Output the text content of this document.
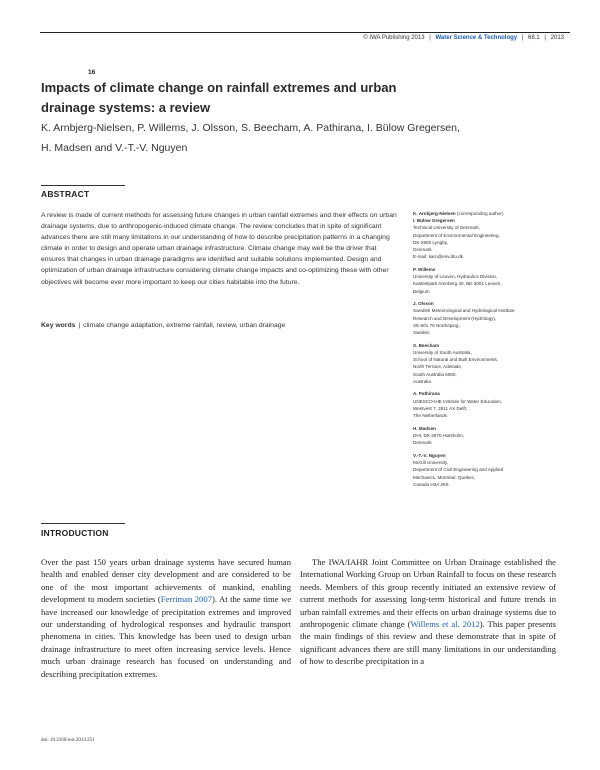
16
© IWA Publishing 2013 | Water Science & Technology | 68.1 | 2013
Impacts of climate change on rainfall extremes and urban drainage systems: a review
K. Arnbjerg-Nielsen, P. Willems, J. Olsson, S. Beecham, A. Pathirana, I. Bülow Gregersen, H. Madsen and V.-T.-V. Nguyen
ABSTRACT
A review is made of current methods for assessing future changes in urban rainfall extremes and their effects on urban drainage systems, due to anthropogenic-induced climate change. The review concludes that in spite of significant advances there are still many limitations in our understanding of how to describe precipitation patterns in a changing climate in order to design and operate urban drainage infrastructure. Climate change may well be the driver that ensures that changes in urban drainage paradigms are identified and suitable solutions implemented. Design and optimization of urban drainage infrastructure considering climate change impacts and co-optimizing these with other objectives will become ever more important to keep our cities habitable into the future.
Key words | climate change adaptation, extreme rainfall, review, urban drainage
K. Arnbjerg-Nielsen (corresponding author)
I. Bülow Gregersen
Technical University of Denmark,
Department of Environmental Engineering,
DK-2800 Lyngby,
Denmark
E-mail: karn@env.dtu.dk
P. Willems
University of Leuven, Hydraulics Division,
Kasteelpark Arenberg 40, BE-3001 Leuven,
Belgium
J. Olsson
Swedish Meteorological and Hydrological Institute,
Research and Development (Hydrology),
SE-601 76 Norrköping,
Sweden
S. Beecham
University of South Australia,
School of Natural and Built Environments,
North Terrace, Adelaide,
South Australia 5000,
Australia
A. Pathirana
UNESCO-IHE Institute for Water Education,
Westvest 7, 2611 AX Delft,
The Netherlands
H. Madsen
DHI, DK-2970 Hørsholm,
Denmark
V.-T.-V. Nguyen
McGill University,
Department of Civil Engineering and Applied
Mechanics, Montreal, Quebec,
Canada H3A 2K6
INTRODUCTION
Over the past 150 years urban drainage systems have secured human health and enabled denser city development and are considered to be one of the most important achievements of mankind, enabling development to modern societies (Ferriman 2007). At the same time we have increased our knowledge of precipitation extremes and improved our understanding of hydrological responses and hydraulic transport phenomena in cities. This knowledge has been used to design urban drainage infrastructure to meet often increasing service levels. Hence much urban drainage research has focused on understanding and describing precipitation extremes.
The IWA/IAHR Joint Committee on Urban Drainage established the International Working Group on Urban Rainfall to focus on these research needs. Members of this group recently initiated an extensive review of current methods for assessing long-term historical and future trends in urban rainfall extremes and their effects on urban drainage systems due to anthropogenic climate change (Willems et al. 2012). This paper presents the main findings of this review and these demonstrate that in spite of significant advances there are still many limitations in our understanding of how to describe precipitation in a
doi: 10.2166/wst.2013.251
